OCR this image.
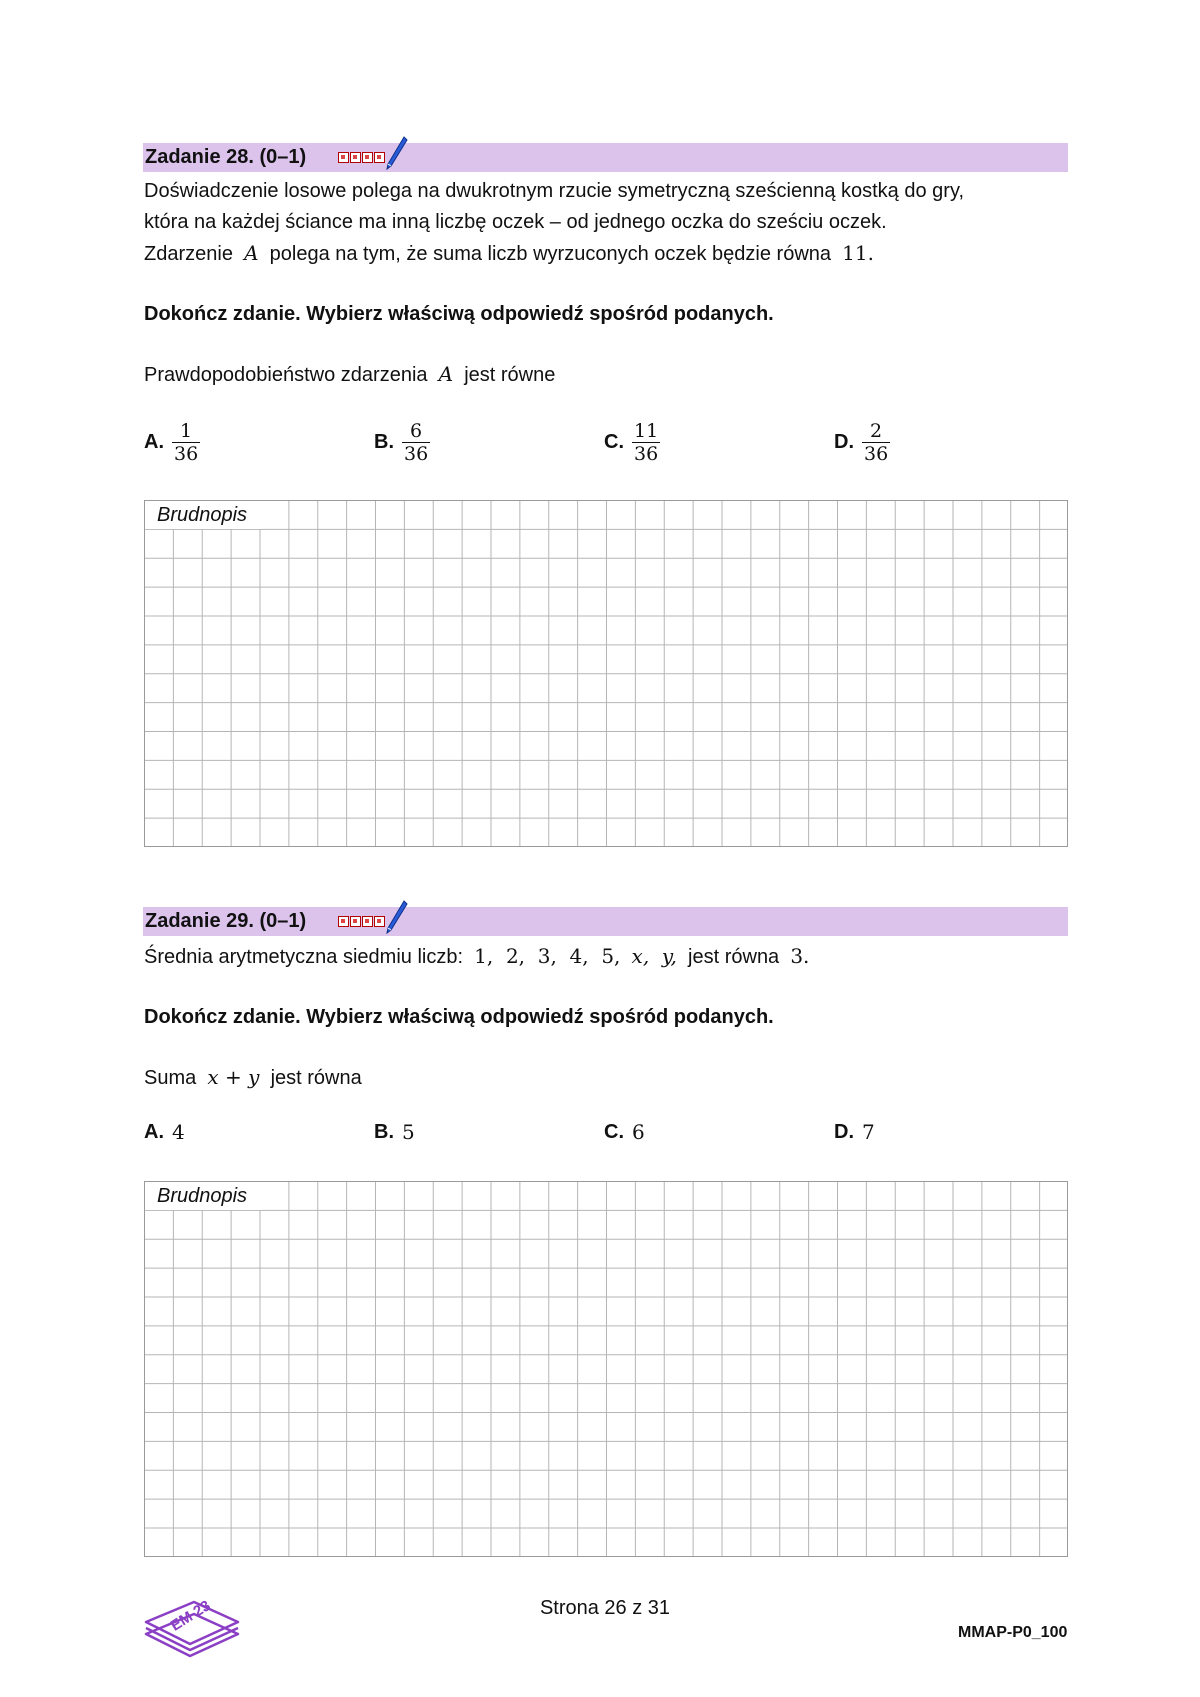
Zadanie 28. (0–1)
Doświadczenie losowe polega na dwukrotnym rzucie symetryczną sześcienną kostką do gry,
która na każdej ściance ma inną liczbę oczek – od jednego oczka do sześciu oczek.
Zdarzenie A polega na tym, że suma liczb wyrzuconych oczek będzie równa 11.
Dokończ zdanie. Wybierz właściwą odpowiedź spośród podanych.
Prawdopodobieństwo zdarzenia A jest równe
A. $\frac{1}{36}$	B. $\frac{6}{36}$	C. $\frac{11}{36}$	D. $\frac{2}{36}$
Brudnopis
Zadanie 29. (0–1)
Średnia arytmetyczna siedmiu liczb: 1,  2,  3,  4,  5, x,  y, jest równa 3.
Dokończ zdanie. Wybierz właściwą odpowiedź spośród podanych.
Suma x + y jest równa
A. 4	B. 5	C. 6	D. 7
Brudnopis
EM 23	Strona 26 z 31
MMAP-P0_100
